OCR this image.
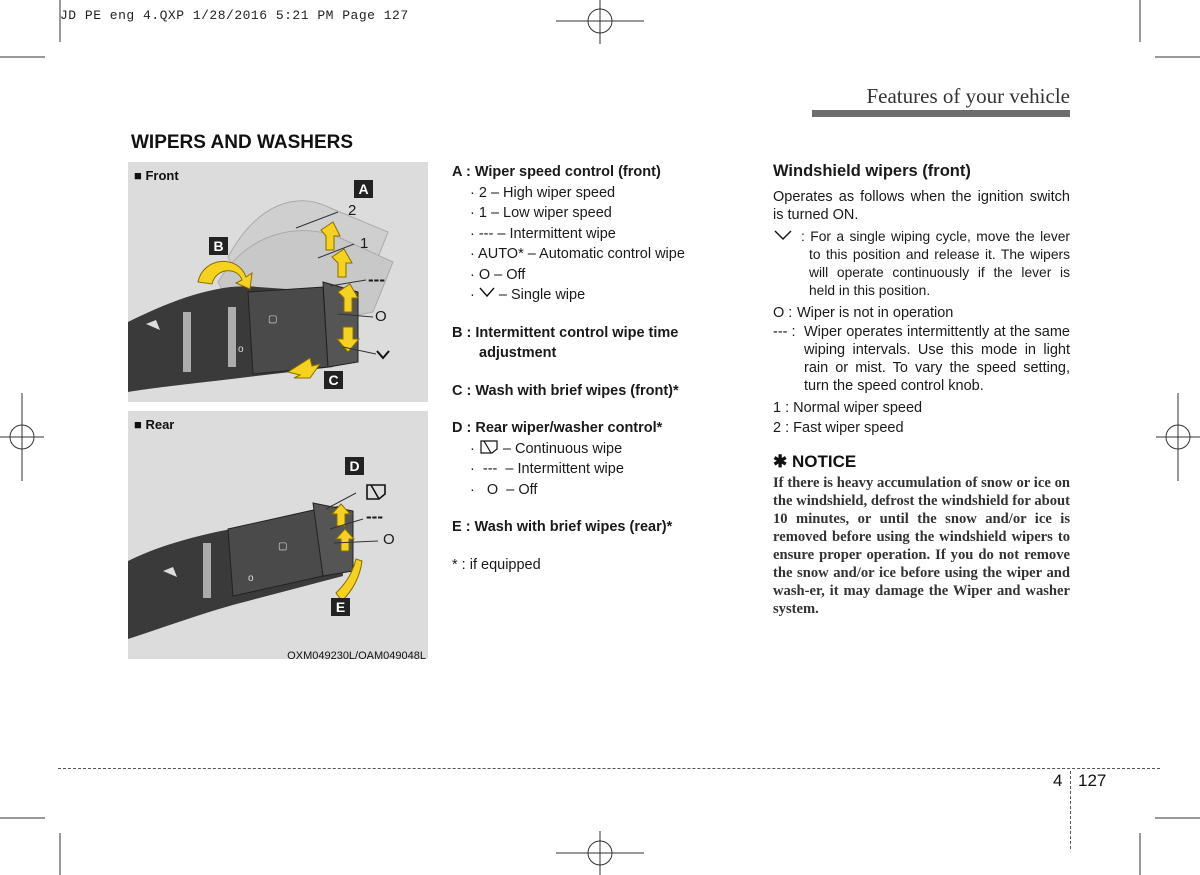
JD PE eng 4.QXP 1/28/2016 5:21 PM Page 127
Features of your vehicle
WIPERS AND WASHERS
▢
o
■ Front
A
B
C
2
1
---
O
▢
o
■ Rear
D
E
---
O
OXM049230L/OAM049048L
A : Wiper speed control (front)
· 2 – High wiper speed
· 1 – Low wiper speed
· --- – Intermittent wipe
· AUTO* – Automatic control wipe
· O – Off
·  – Single wipe
B : Intermittent control wipe time
adjustment
C : Wash with brief wipes (front)*
D : Rear wiper/washer control*
·  – Continuous wipe
·  ---  – Intermittent wipe
·   O  – Off
E : Wash with brief wipes (rear)*
* : if equipped
Windshield wipers (front)
Operates as follows when the ignition switch is turned ON.
: For a single wiping cycle, move the lever to this position and release it. The wipers will operate continuously if the lever is held in this position.
O : Wiper is not in operation
--- : Wiper operates intermittently at the same wiping intervals. Use this mode in light rain or mist. To vary the speed setting, turn the speed control knob.
1 : Normal wiper speed
2 : Fast wiper speed
✱ NOTICE
If there is heavy accumulation of snow or ice on the windshield, defrost the windshield for about 10 minutes, or until the snow and/or ice is removed before using the windshield wipers to ensure proper operation. If you do not remove the snow and/or ice before using the wiper and wash-er, it may damage the Wiper and washer system.
4 127
